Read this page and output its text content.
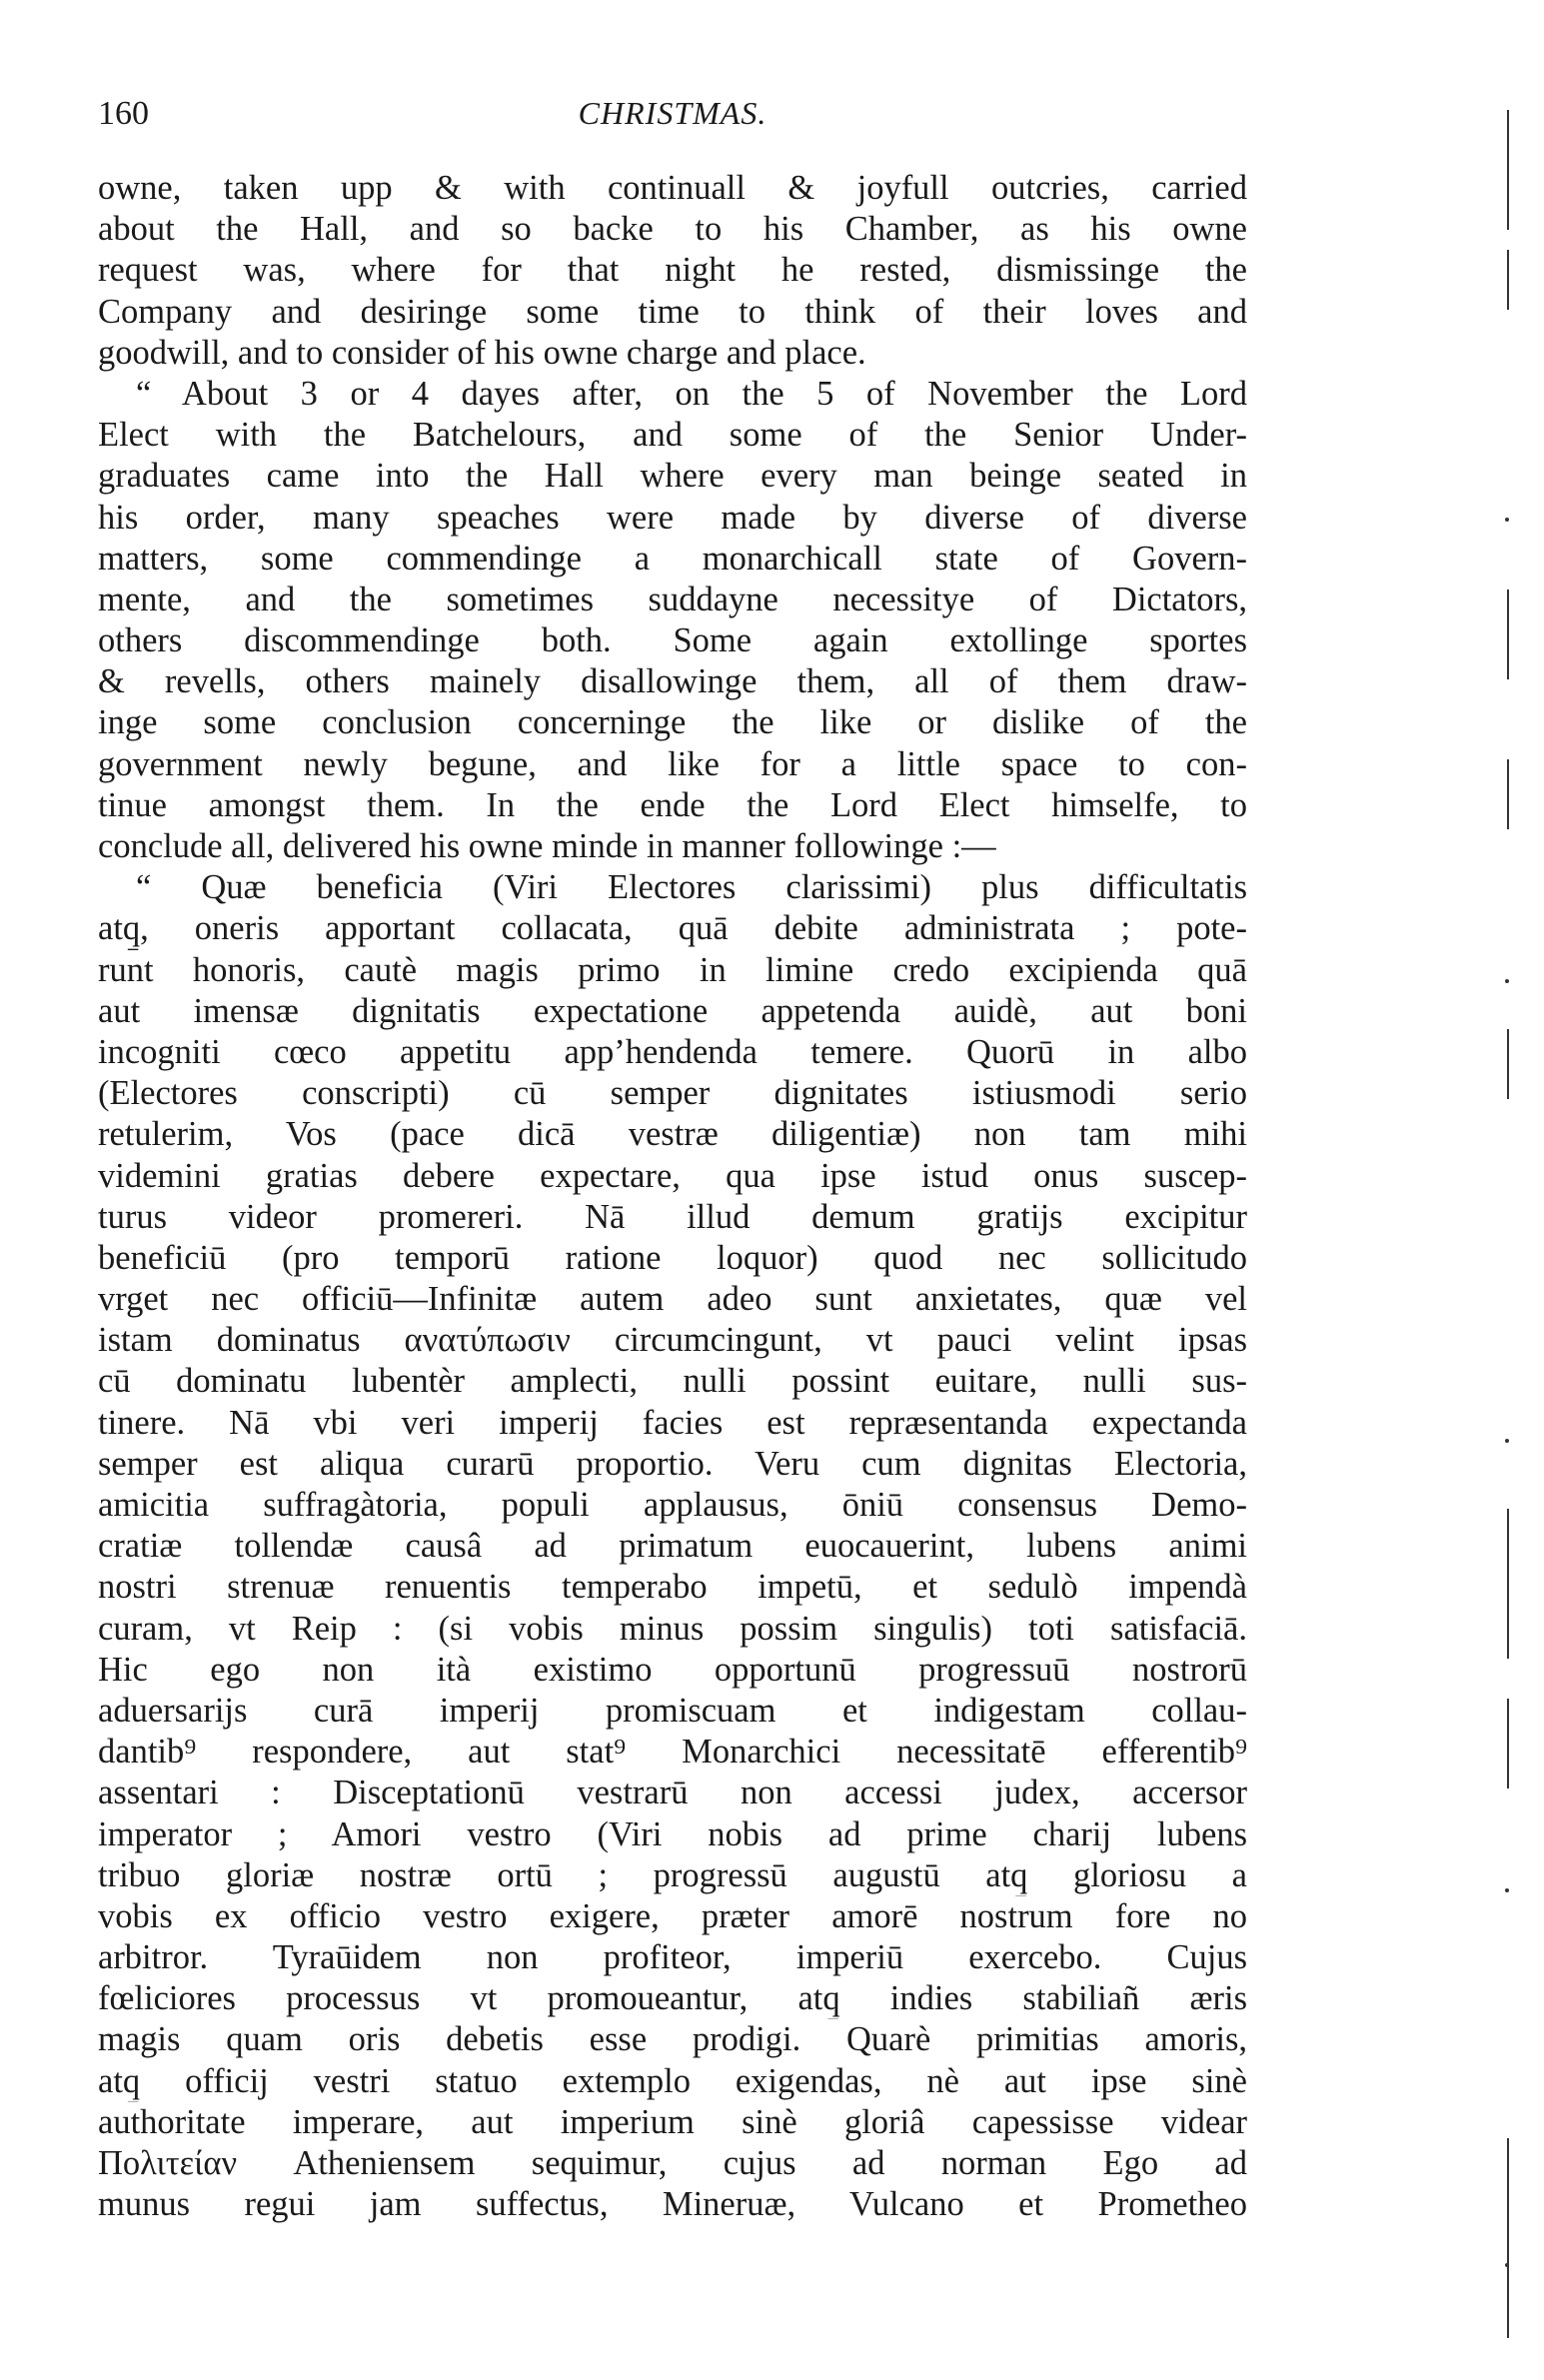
160	CHRISTMAS.
owne, taken upp & with continuall & joyfull outcries, carried
about the Hall, and so backe to his Chamber, as his owne
request was, where for that night he rested, dismissinge the
Company and desiringe some time to think of their loves and
goodwill, and to consider of his owne charge and place.
“ About 3 or 4 dayes after, on the 5 of November the Lord
Elect with the Batchelours, and some of the Senior Under-
graduates came into the Hall where every man beinge seated in
his order, many speaches were made by diverse of diverse
matters, some commendinge a monarchicall state of Govern-
mente, and the sometimes suddayne necessitye of Dictators,
others discommendinge both. Some again extollinge sportes
& revells, others mainely disallowinge them, all of them draw-
inge some conclusion concerninge the like or dislike of the
government newly begune, and like for a little space to con-
tinue amongst them. In the ende the Lord Elect himselfe, to
conclude all, delivered his owne minde in manner followinge :—
“ Quæ beneficia (Viri Electores clarissimi) plus difficultatis
atq̱, oneris apportant collacata, quā debite administrata ; pote-
runt honoris, cautè magis primo in limine credo excipienda quā
aut imensæ dignitatis expectatione appetenda auidè, aut boni
incogniti cœco appetitu app’hendenda temere. Quorū in albo
(Electores conscripti) cū semper dignitates istiusmodi serio
retulerim, Vos (pace dicā vestræ diligentiæ) non tam mihi
videmini gratias debere expectare, qua ipse istud onus suscep-
turus videor promereri. Nā illud demum gratijs excipitur
beneficiū (pro temporū ratione loquor) quod nec sollicitudo
vrget nec officiū—Infinitæ autem adeo sunt anxietates, quæ vel
istam dominatus ανατύπωσιν circumcingunt, vt pauci velint ipsas
cū dominatu lubentèr amplecti, nulli possint euitare, nulli sus-
tinere. Nā vbi veri imperij facies est repræsentanda expectanda
semper est aliqua curarū proportio. Veru cum dignitas Electoria,
amicitia suffragàtoria, populi applausus, ōniū consensus Demo-
cratiæ tollendæ causâ ad primatum euocauerint, lubens animi
nostri strenuæ renuentis temperabo impetū, et sedulò impendà
curam, vt Reip : (si vobis minus possim singulis) toti satisfaciā.
Hic ego non ità existimo opportunū progressuū nostrorū
aduersarijs curā imperij promiscuam et indigestam collau-
dantib⁹ respondere, aut stat⁹ Monarchici necessitatē efferentib⁹
assentari : Disceptationū vestrarū non accessi judex, accersor
imperator ; Amori vestro (Viri nobis ad prime charij lubens
tribuo gloriæ nostræ ortū ; progressū augustū atq̱ gloriosu a
vobis ex officio vestro exigere, præter amorē nostrum fore no
arbitror. Tyraūidem non profiteor, imperiū exercebo. Cujus
fœliciores processus vt promoueantur, atq̱ indies stabiliañ æris
magis quam oris debetis esse prodigi. Quarè primitias amoris,
atq̱ officij vestri statuo extemplo exigendas, nè aut ipse sinè
authoritate imperare, aut imperium sinè gloriâ capessisse videar
Πολιτείαν Atheniensem sequimur, cujus ad norman Ego ad
munus regui jam suffectus, Mineruæ, Vulcano et Prometheo
